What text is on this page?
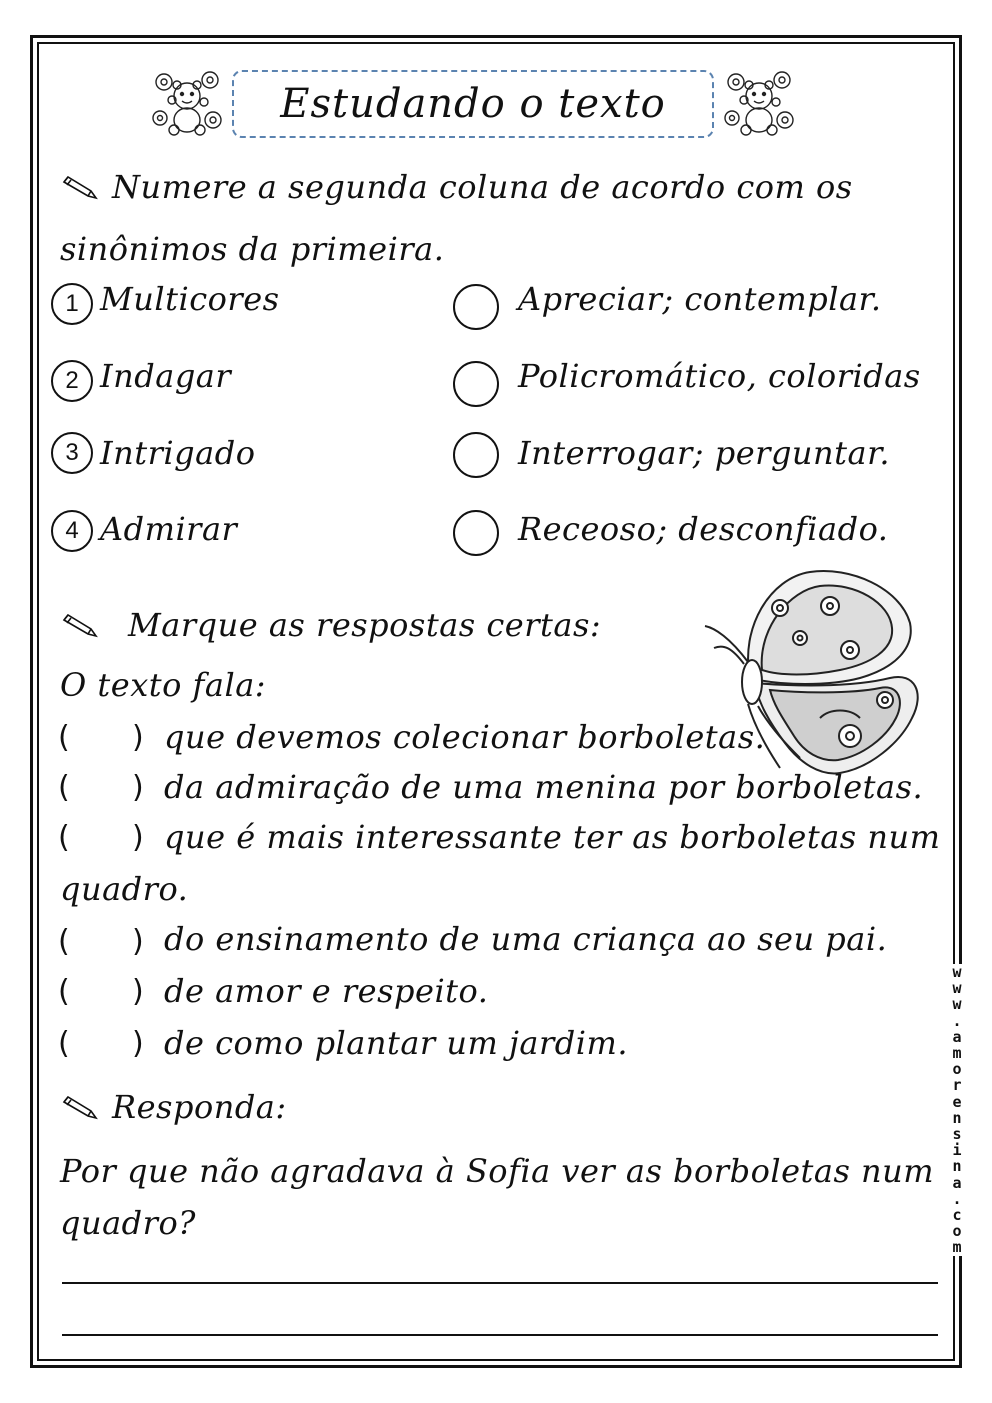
Estudando o texto
Numere a segunda coluna de acordo com os
sinônimos da primeira.
1 Multicores	Apreciar; contemplar.
2 Indagar	Policromático, coloridas
3 Intrigado	Interrogar; perguntar.
4 Admirar	Receoso; desconfiado.
Marque as respostas certas:
O texto fala:
( ) que devemos colecionar borboletas.
( ) da admiração de uma menina por borboletas.
( ) que é mais interessante ter as borboletas num
quadro.
( ) do ensinamento de uma criança ao seu pai.
( ) de amor e respeito.
( ) de como plantar um jardim.
Responda:
Por que não agradava à Sofia ver as borboletas num
quadro?
w
w
w
.
a
m
o
r
e
n
s
i
n
a
.
c
o
m
